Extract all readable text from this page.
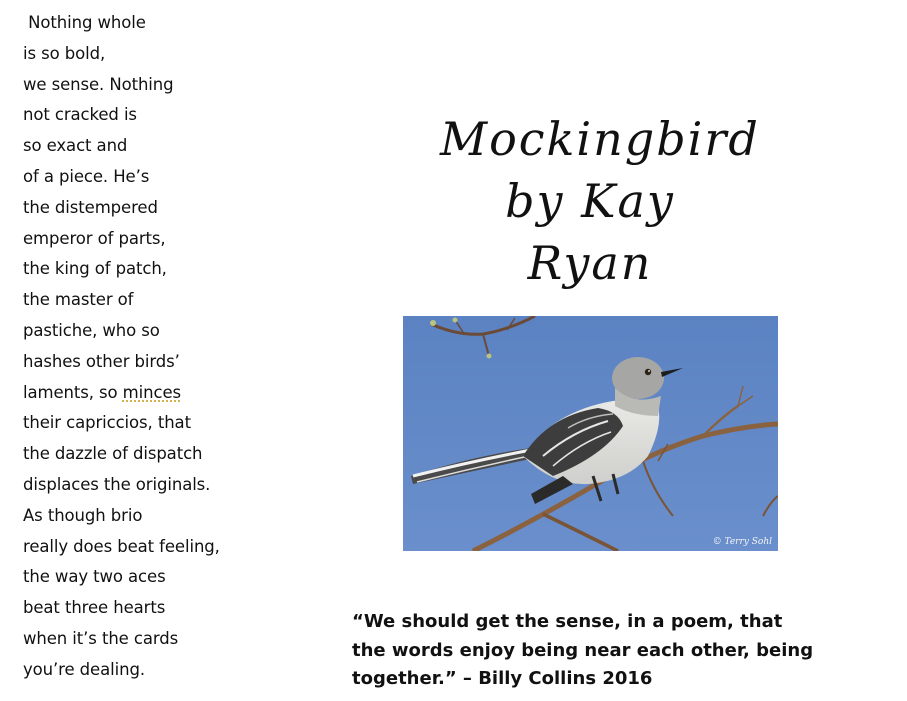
Nothing whole
is so bold,
we sense. Nothing
not cracked is
so exact and
of a piece. He’s
the distempered
emperor of parts,
the king of patch,
the master of
pastiche, who so
hashes other birds’
laments, so minces
their capriccios, that
the dazzle of dispatch
displaces the originals.
As though brio
really does beat feeling,
the way two aces
beat three hearts
when it’s the cards
you’re dealing.
Mockingbird
by Kay Ryan
© Terry Sohl
“We should get the sense, in a poem, that the words enjoy being near each other, being together.” – Billy Collins 2016
